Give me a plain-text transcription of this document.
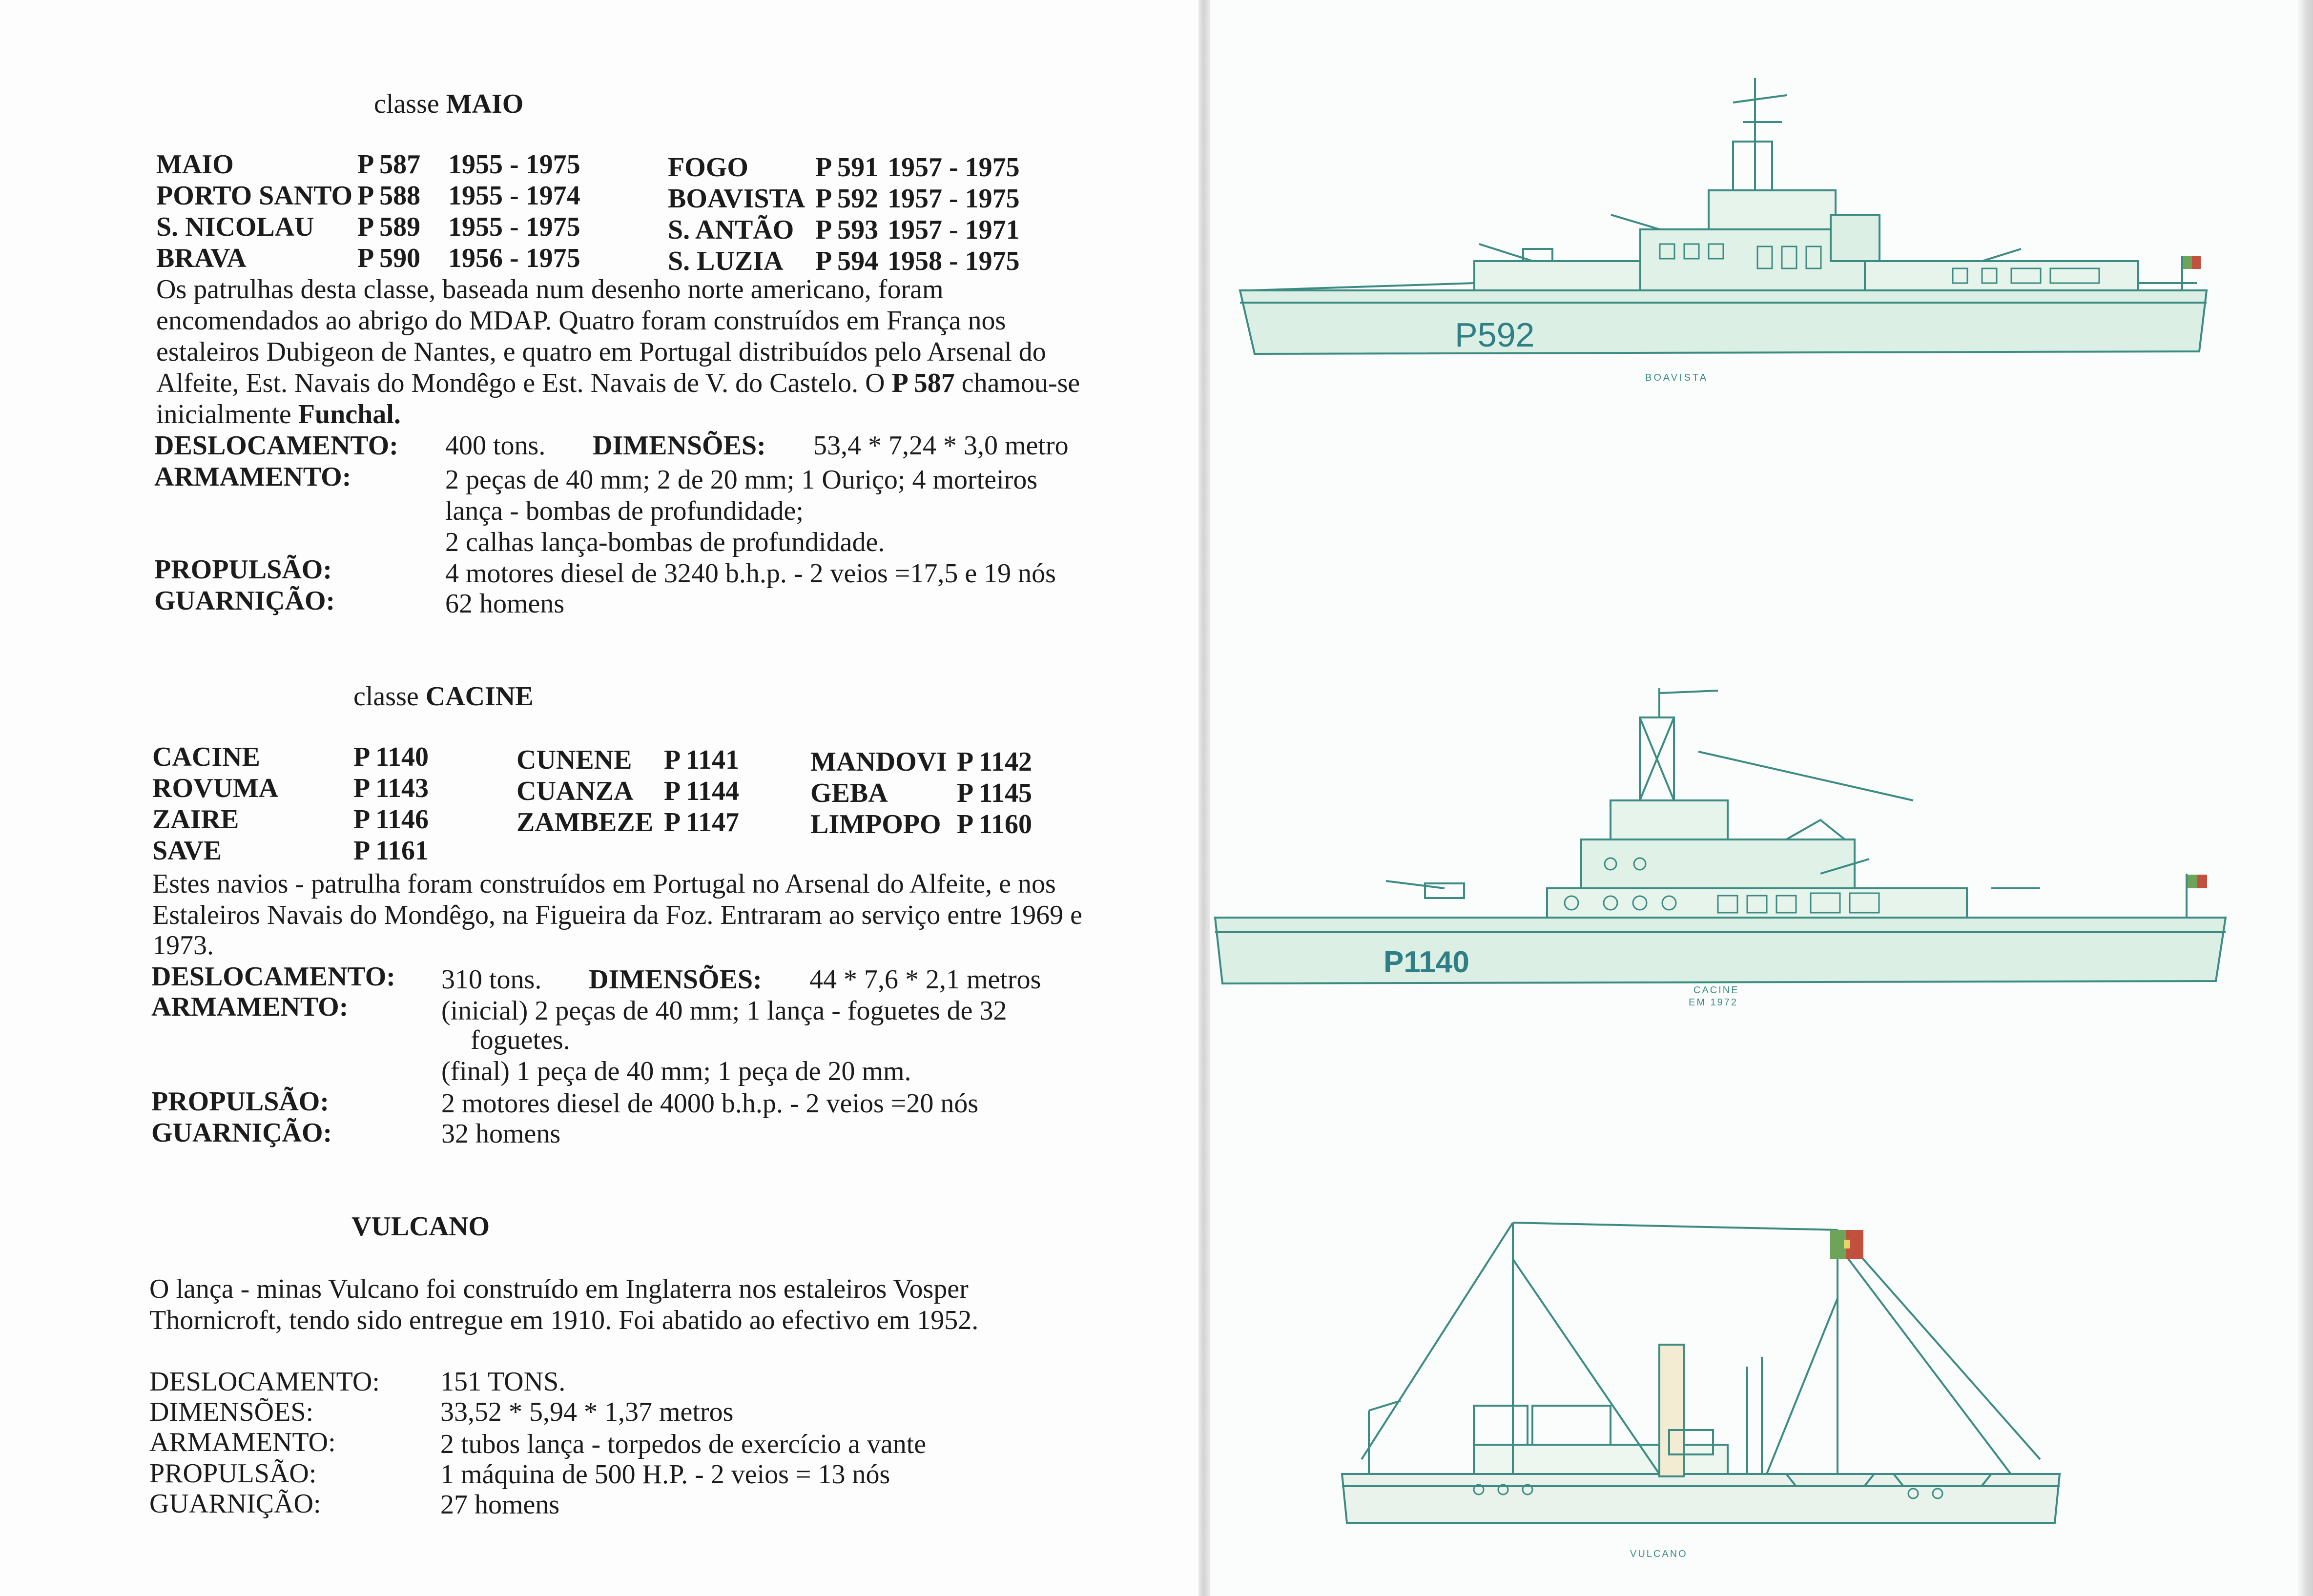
classe MAIO
MAIO	P 587 1955 - 1975
PORTO SANTO P 588 1955 - 1974
S. NICOLAU P 589 1955 - 1975
BRAVA	P 590 1956 - 1975
FOGO P 591 1957 - 1975
BOAVISTA P 592 1957 - 1975
S. ANTÃO P 593 1957 - 1971
S. LUZIA P 594 1958 - 1975
Os patrulhas desta classe, baseada num desenho norte americano, foram
encomendados ao abrigo do MDAP. Quatro foram construídos em França nos
estaleiros Dubigeon de Nantes, e quatro em Portugal distribuídos pelo Arsenal do
Alfeite, Est. Navais do Mondêgo e Est. Navais de V. do Castelo. O P 587 chamou-se
inicialmente Funchal.
DESLOCAMENTO: 400 tons. DIMENSÕES: 53,4 * 7,24 * 3,0 metro
ARMAMENTO:	2 peças de 40 mm; 2 de 20 mm; 1 Ouriço; 4 morteiros
lança - bombas de profundidade;
2 calhas lança-bombas de profundidade.
PROPULSÃO:	4 motores diesel de 3240 b.h.p. - 2 veios =17,5 e 19 nós
GUARNIÇÃO:	62 homens
classe CACINE
CACINE	P 1140
ROVUMA	P 1143
ZAIRE	P 1146
SAVE	P 1161
CUNENE P 1141
CUANZA P 1144
ZAMBEZE P 1147
MANDOVI P 1142
GEBA	P 1145
LIMPOPO P 1160
Estes navios - patrulha foram construídos em Portugal no Arsenal do Alfeite, e nos
Estaleiros Navais do Mondêgo, na Figueira da Foz. Entraram ao serviço entre 1969 e
1973.
DESLOCAMENTO: 310 tons. DIMENSÕES: 44 * 7,6 * 2,1 metros
ARMAMENTO:	(inicial) 2 peças de 40 mm; 1 lança - foguetes de 32
foguetes.
(final) 1 peça de 40 mm; 1 peça de 20 mm.
PROPULSÃO:	2 motores diesel de 4000 b.h.p. - 2 veios =20 nós
GUARNIÇÃO:	32 homens
VULCANO
O lança - minas Vulcano foi construído em Inglaterra nos estaleiros Vosper
Thornicroft, tendo sido entregue em 1910. Foi abatido ao efectivo em 1952.
DESLOCAMENTO: 151 TONS.
DIMENSÕES:	33,52 * 5,94 * 1,37 metros
ARMAMENTO:	2 tubos lança - torpedos de exercício a vante
PROPULSÃO:	1 máquina de 500 H.P. - 2 veios = 13 nós
GUARNIÇÃO:	27 homens
P592
BOAVISTA
P1140
CACINE
EM 1972
VULCANO
